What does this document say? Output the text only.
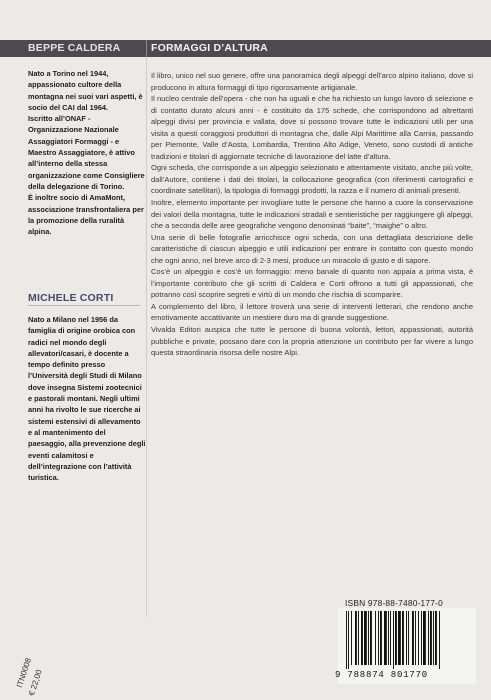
BEPPE CALDERA	FORMAGGI D’ALTURA

Nato a Torino nel 1944, appassionato cultore della montagna nei suoi vari aspetti, è socio del CAI dal 1964.

Iscritto all’ONAF - Organizzazione Nazionale Assaggiatori Formaggi - e Maestro Assaggiatore, è attivo all’interno della stessa organizzazione come Consigliere della delegazione di Torino.

È inoltre socio di AmaMont, associazione transfrontaliera per la promozione della ruralità alpina.

MICHELE CORTI

Nato a Milano nel 1956 da famiglia di origine orobica con radici nel mondo degli allevatori/casari, è docente a tempo definito presso l’Università degli Studi di Milano dove insegna Sistemi zootecnici e pastorali montani. Negli ultimi anni ha rivolto le sue ricerche ai sistemi estensivi di allevamento e al mantenimento del paesaggio, alla prevenzione degli eventi calamitosi e dell’integrazione con l’attività turistica.

Il libro, unico nel suo genere, offre una panoramica degli alpeggi dell’arco alpino italiano, dove si producono in altura formaggi di tipo rigorosamente artigianale.

Il nucleo centrale dell’opera - che non ha uguali e che ha richiesto un lungo lavoro di selezione e di contatto durato alcuni anni - è costituito da 175 schede, che corrispondono ad altrettanti alpeggi divisi per provincia e vallata, dove si possono trovare tutte le indicazioni utili per una visita a questi coraggiosi produttori di montagna che, dalle Alpi Marittime alla Carnia, passando per Piemonte, Valle d’Aosta, Lombardia, Trentino Alto Adige, Veneto, sono custodi di antiche tradizioni e titolari di aggiornate tecniche di lavorazione del latte d’altura.

Ogni scheda, che corrisponde a un alpeggio selezionato e attentamente visitato, anche più volte, dall’Autore, contiene i dati dei titolari, la collocazione geografica (con riferimenti cartografici e coordinate satellitari), la tipologia di formaggi prodotti, la razza e il numero di animali presenti.

Inoltre, elemento importante per invogliare tutte le persone che hanno a cuore la conservazione dei valori della montagna, tutte le indicazioni stradali e sentieristiche per raggiungere gli alpeggi, che a seconda delle aree geografiche vengono denominati “baite”, “maighe” o altro.

Una serie di belle fotografie arricchisce ogni scheda, con una dettagliata descrizione delle caratteristiche di ciascun alpeggio e utili indicazioni per entrare in contatto con questo mondo che ogni anno, nel breve arco di 2-3 mesi, produce un miracolo di gusto e di sapore.

Cos’è un alpeggio e cos’è un formaggio: meno banale di quanto non appaia a prima vista, è l’importante contributo che gli scritti di Caldera e Corti offrono a tutti gli appassionati, che potranno così scoprire segreti e virtù di un mondo che rischia di scomparire.

A complemento del libro, il lettore troverà una serie di interventi letterari, che rendono anche emotivamente accattivante un mestiere duro ma di grande suggestione.

Vivalda Editori auspica che tutte le persone di buona volontà, lettori, appassionati, autorità pubbliche e private, possano dare con la propria attenzione un contributo per far vivere a lungo questa straordinaria risorsa delle nostre Alpi.

ISBN 978-88-7480-177-0
9 788874 801770
ITN0008
€ 22,00
